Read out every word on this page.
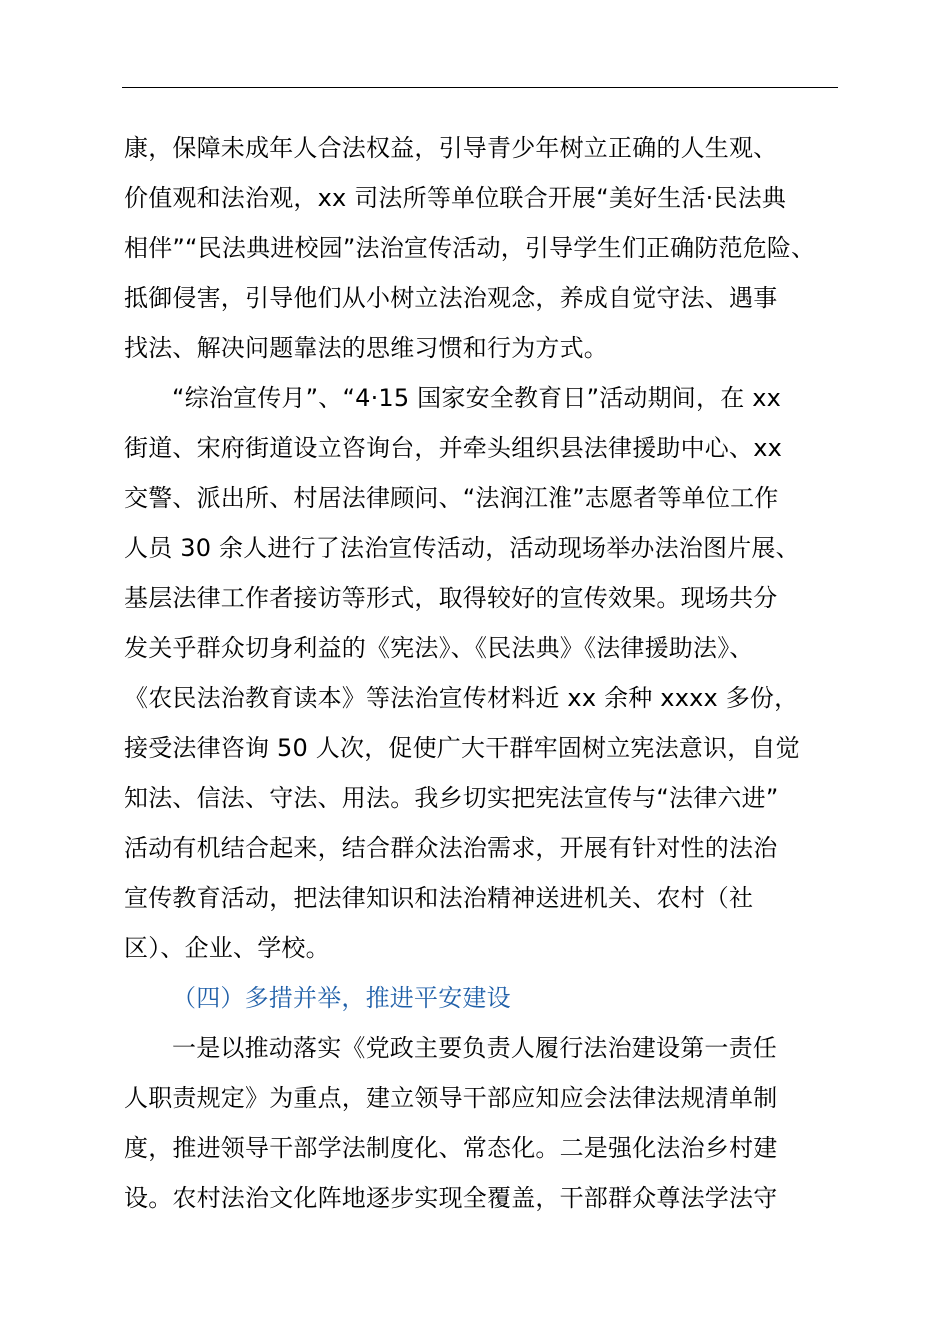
康，保障未成年人合法权益，引导青少年树立正确的人生观、
价值观和法治观，xx 司法所等单位联合开展“美好生活·民法典
相伴”“民法典进校园”法治宣传活动，引导学生们正确防范危险、
抵御侵害，引导他们从小树立法治观念，养成自觉守法、遇事
找法、解决问题靠法的思维习惯和行为方式。
“综治宣传月”、“4·15 国家安全教育日”活动期间，在 xx
街道、宋府街道设立咨询台，并牵头组织县法律援助中心、xx
交警、派出所、村居法律顾问、“法润江淮”志愿者等单位工作
人员 30 余人进行了法治宣传活动，活动现场举办法治图片展、
基层法律工作者接访等形式，取得较好的宣传效果。现场共分
发关乎群众切身利益的《宪法》、《民法典》《法律援助法》、
《农民法治教育读本》等法治宣传材料近 xx 余种 xxxx 多份，
接受法律咨询 50 人次，促使广大干群牢固树立宪法意识，自觉
知法、信法、守法、用法。我乡切实把宪法宣传与“法律六进”
活动有机结合起来，结合群众法治需求，开展有针对性的法治
宣传教育活动，把法律知识和法治精神送进机关、农村（社
区）、企业、学校。
（四）多措并举，推进平安建设
一是以推动落实《党政主要负责人履行法治建设第一责任
人职责规定》为重点，建立领导干部应知应会法律法规清单制
度，推进领导干部学法制度化、常态化。二是强化法治乡村建
设。农村法治文化阵地逐步实现全覆盖，干部群众尊法学法守
